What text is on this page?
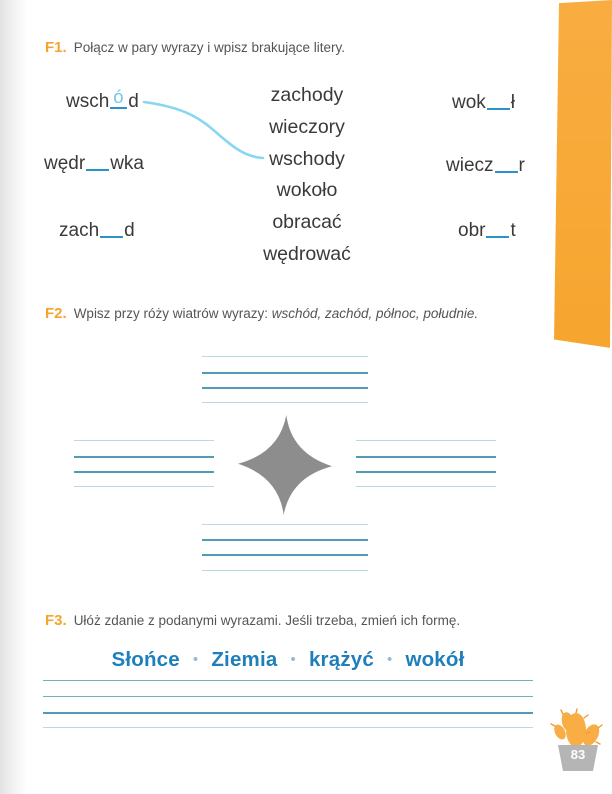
Ćwiczenia ortograficzne F1. Połącz w pary wyrazy i wpisz brakujące litery.
wsch ó d
wędr wka
zach d
zachody
wieczory
wschody
wokoło
obracać
wędrować
wok ł
wiecz r
obr t
F2. Wpisz przy róży wiatrów wyrazy: wschód, zachód, północ, południe.
F3. Ułóż zdanie z podanymi wyrazami. Jeśli trzeba, zmień ich formę.
Słońce • Ziemia • krążyć • wokół
83
